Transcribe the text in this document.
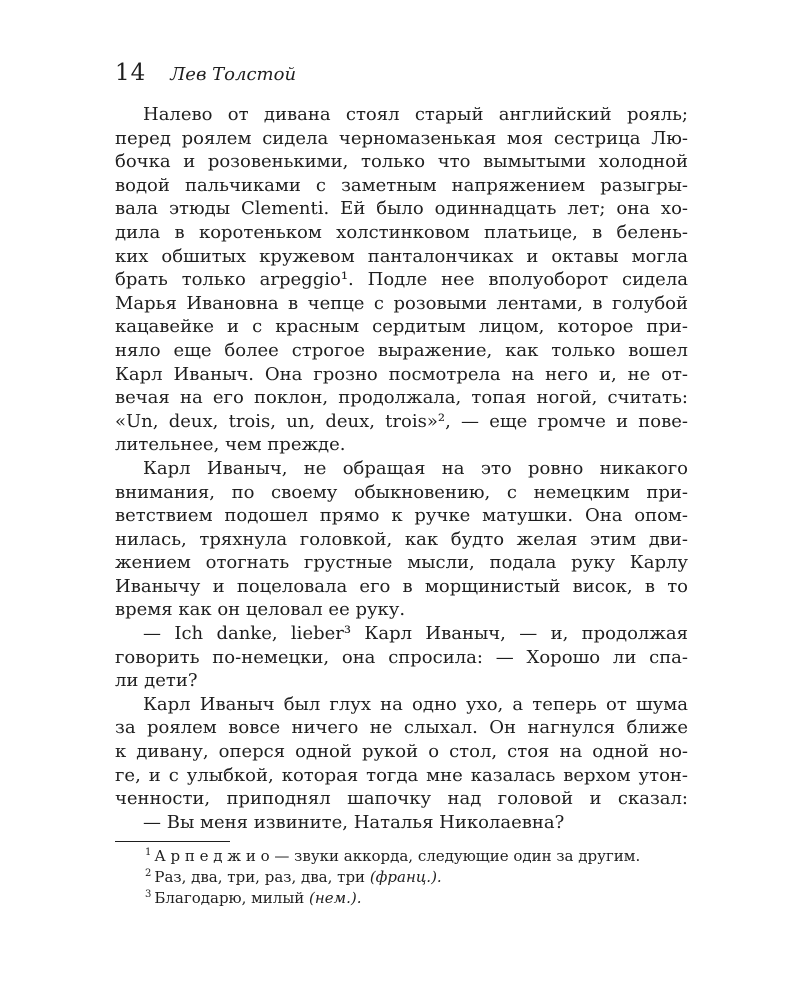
14 Лев Толстой
Налево от дивана стоял старый английский рояль;
перед роялем сидела черномазенькая моя сестрица Лю-
бочка и розовенькими, только что вымытыми холодной
водой пальчиками с заметным напряжением разыгры-
вала этюды Clementi. Ей было одиннадцать лет; она хо-
дила в коротеньком холстинковом платьице, в белень-
ких обшитых кружевом панталончиках и октавы могла
брать только arpeggio¹. Подле нее вполуоборот сидела
Марья Ивановна в чепце с розовыми лентами, в голубой
кацавейке и с красным сердитым лицом, которое при-
няло еще более строгое выражение, как только вошел
Карл Иваныч. Она грозно посмотрела на него и, не от-
вечая на его поклон, продолжала, топая ногой, считать:
«Un, deux, trois, un, deux, trois»², — еще громче и пове-
лительнее, чем прежде.
Карл Иваныч, не обращая на это ровно никакого
внимания, по своему обыкновению, с немецким при-
ветствием подошел прямо к ручке матушки. Она опом-
нилась, тряхнула головкой, как будто желая этим дви-
жением отогнать грустные мысли, подала руку Карлу
Иванычу и поцеловала его в морщинистый висок, в то
время как он целовал ее руку.
— Ich danke, lieber³ Карл Иваныч, — и, продолжая
говорить по-немецки, она спросила: — Хорошо ли спа-
ли дети?
Карл Иваныч был глух на одно ухо, а теперь от шума
за роялем вовсе ничего не слыхал. Он нагнулся ближе
к дивану, оперся одной рукой о стол, стоя на одной но-
ге, и с улыбкой, которая тогда мне казалась верхом утон-
ченности, приподнял шапочку над головой и сказал:
— Вы меня извините, Наталья Николаевна?
$^1$ А р п е д ж и о — звуки аккорда, следующие один за другим.
$^2$ Раз, два, три, раз, два, три (франц.).
$^3$ Благодарю, милый (нем.).
